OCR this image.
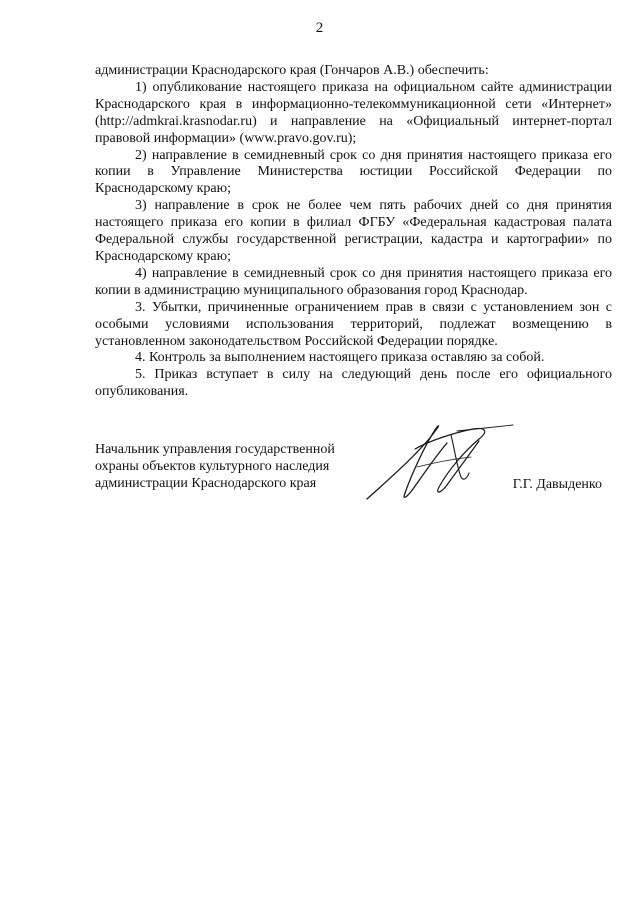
2

администрации Краснодарского края (Гончаров А.В.) обеспечить:

1) опубликование настоящего приказа на официальном сайте администрации Краснодарского края в информационно-телекоммуникационной сети «Интернет» (http://admkrai.krasnodar.ru) и направление на «Официальный интернет-портал правовой информации» (www.pravo.gov.ru);

2) направление в семидневный срок со дня принятия настоящего приказа его копии в Управление Министерства юстиции Российской Федерации по Краснодарскому краю;

3) направление в срок не более чем пять рабочих дней со дня принятия настоящего приказа его копии в филиал ФГБУ «Федеральная кадастровая палата Федеральной службы государственной регистрации, кадастра и картографии» по Краснодарскому краю;

4) направление в семидневный срок со дня принятия настоящего приказа его копии в администрацию муниципального образования город Краснодар.

3. Убытки, причиненные ограничением прав в связи с установлением зон с особыми условиями использования территорий, подлежат возмещению в установленном законодательством Российской Федерации порядке.

4. Контроль за выполнением настоящего приказа оставляю за собой.

5. Приказ вступает в силу на следующий день после его официального опубликования.

Начальник управления государственной
охраны объектов культурного наследия
администрации Краснодарского края	Г.Г. Давыденко
